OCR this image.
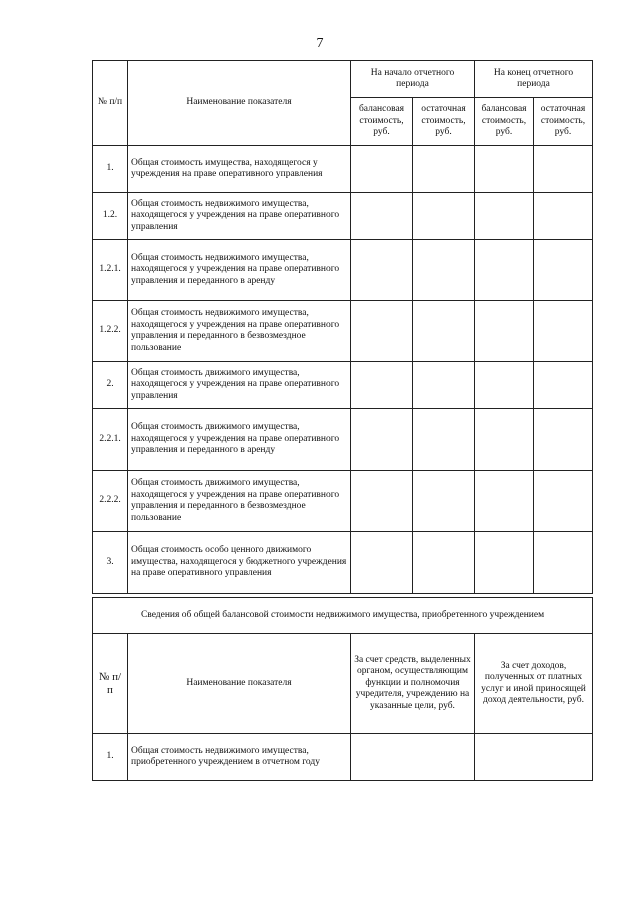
7
№ п/п	Наименование показателя	На начало отчетного периода		На конец отчетного периода	
		балансовая стоимость, руб.	остаточная стоимость, руб.	балансовая стоимость, руб.	остаточная стоимость, руб.
1.	Общая стоимость имущества, находящегося у учреждения на праве оперативного управления				
1.2.	Общая стоимость недвижимого имущества, находящегося у учреждения на праве оперативного управления				
1.2.1.	Общая стоимость недвижимого имущества, находящегося у учреждения на праве оперативного управления и переданного в аренду				
1.2.2.	Общая стоимость недвижимого имущества, находящегося у учреждения на праве оперативного управления и переданного в безвозмездное пользование				
2.	Общая стоимость движимого имущества, находящегося у учреждения на праве оперативного управления				
2.2.1.	Общая стоимость движимого имущества, находящегося у учреждения на праве оперативного управления и переданного в аренду				
2.2.2.	Общая стоимость движимого имущества, находящегося у учреждения на праве оперативного управления и переданного в безвозмездное пользование				
3.	Общая стоимость особо ценного движимого имущества, находящегося у бюджетного учреждения на праве оперативного управления				
Сведения об общей балансовой стоимости недвижимого имущества, приобретенного учреждением			
№ п/п	Наименование показателя	За счет средств, выделенных органом, осуществляющим функции и полномочия учредителя, учреждению на указанные цели, руб.	За счет доходов, полученных от платных услуг и иной приносящей доход деятельности, руб.
1.	Общая стоимость недвижимого имущества, приобретенного учреждением в отчетном году		
